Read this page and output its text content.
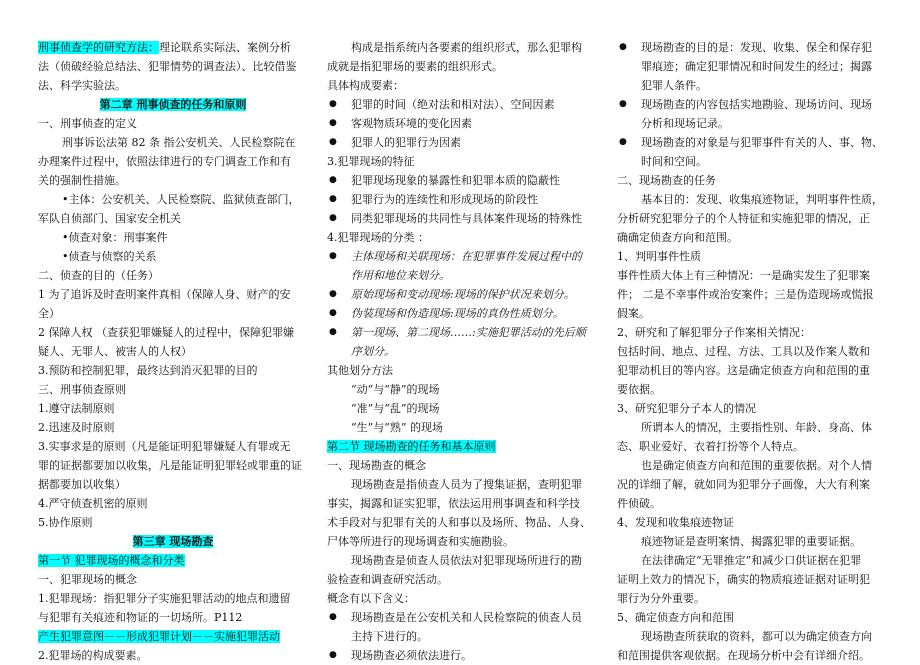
刑事侦查学的研究方法：理论联系实际法、案例分析
法（侦破经验总结法、犯罪情势的调查法）、比较借鉴
法、科学实验法。
第二章 刑事侦查的任务和原则
一、刑事侦查的定义
刑事诉讼法第 82 条 指公安机关、人民检察院在
办理案件过程中，依照法律进行的专门调查工作和有
关的强制性措施。
•主体：公安机关、人民检察院、监狱侦查部门，
军队自侦部门、国家安全机关
•侦查对象：刑事案件
•侦查与侦察的关系
二、侦查的目的（任务）
1 为了追诉及时查明案件真相（保障人身、财产的安
全）
2 保障人权 （查获犯罪嫌疑人的过程中，保障犯罪嫌
疑人、无罪人、被害人的人权）
3.预防和控制犯罪，最终达到消灭犯罪的目的
三、刑事侦查原则
1.遵守法制原则
2.迅速及时原则
3.实事求是的原则（凡是能证明犯罪嫌疑人有罪或无
罪的证据都要加以收集，凡是能证明犯罪轻或罪重的证
据都要加以收集）
4.严守侦查机密的原则
5.协作原则
第三章 现场勘查
第一节 犯罪现场的概念和分类
一、犯罪现场的概念
1.犯罪现场：指犯罪分子实施犯罪活动的地点和遗留
与犯罪有关痕迹和物证的一切场所。P112
产生犯罪意图－－形成犯罪计划－－实施犯罪活动
2.犯罪场的构成要素。
构成是指系统内各要素的组织形式，那么犯罪构
成就是指犯罪场的要素的组织形式。
具体构成要素：
● 犯罪的时间（绝对法和相对法）、空间因素
● 客观物质环境的变化因素
● 犯罪人的犯罪行为因素
3.犯罪现场的特征
● 犯罪现场现象的暴露性和犯罪本质的隐蔽性
● 犯罪行为的连续性和形成现场的阶段性
● 同类犯罪现场的共同性与具体案件现场的特殊性
4.犯罪现场的分类 ：
● 主体现场和关联现场：在犯罪事件发展过程中的
作用和地位来划分。
● 原始现场和变动现场:现场的保护状况来划分。
● 伪装现场和伪造现场:现场的真伪性质划分。
● 第一现场、第二现场……:实施犯罪活动的先后顺
序划分。
其他划分方法
“动”与“静”的现场
“准”与“乱”的现场
“生”与“熟” 的现场
第二节 现场勘查的任务和基本原则
一、现场勘查的概念
现场勘查是指侦查人员为了搜集证据，查明犯罪
事实，揭露和证实犯罪，依法运用刑事调查和科学技
术手段对与犯罪有关的人和事以及场所、物品、人身、
尸体等所进行的现场调查和实施勘验。
现场勘查是侦查人员依法对犯罪现场所进行的勘
验检查和调查研究活动。
概念有以下含义：
● 现场勘查是在公安机关和人民检察院的侦查人员
主持下进行的。
● 现场勘查必须依法进行。
● 现场勘查的目的是：发现、收集、保全和保存犯
罪痕迹；确定犯罪情况和时间发生的经过；揭露
犯罪人条件。
● 现场勘查的内容包括实地勘验、现场访问、现场
分析和现场记录。
● 现场勘查的对象是与犯罪事件有关的人、事、物、
时间和空间。
二、现场勘查的任务
基本目的：发现、收集痕迹物证，判明事件性质，
分析研究犯罪分子的个人特征和实施犯罪的情况，正
确确定侦查方向和范围。
1、判明事件性质
事件性质大体上有三种情况：一是确实发生了犯罪案
件； 二是不幸事件或治安案件；三是伪造现场或慌报
假案。
2、研究和了解犯罪分子作案相关情况：
包括时间、地点、过程、方法、工具以及作案人数和
犯罪动机目的等内容。这是确定侦查方向和范围的重
要依据。
3、研究犯罪分子本人的情况
所谓本人的情况，主要指性别、年龄、身高、体
态、职业爱好、衣着打扮等个人特点。
也是确定侦查方向和范围的重要依据。对个人情
况的详细了解，就如同为犯罪分子画像，大大有利案
件侦破。
4、发现和收集痕迹物证
痕迹物证是查明案情、揭露犯罪的重要证据。
在法律确定“无罪推定”和减少口供证据在犯罪
证明上效力的情况下，确实的物质痕迹证据对证明犯
罪行为分外重要。
5、确定侦查方向和范围
现场勘查所获取的资料，都可以为确定侦查方向
和范围提供客观依据。在现场分析中会有详细介绍。
